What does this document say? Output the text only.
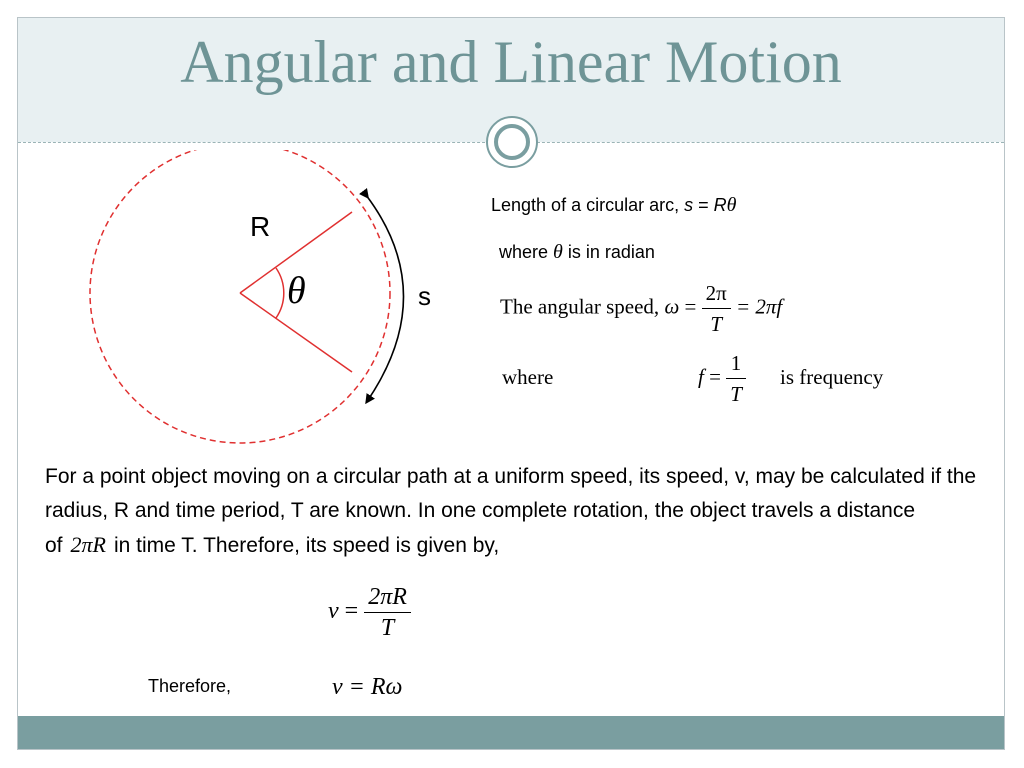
Angular and Linear Motion
R
θ	s
Length of a circular arc, s = Rθ
where θ is in radian
The angular speed, $\omega = \frac{2\pi}{T} = 2\pi f$
where	$f = \frac{1}{T}$ is frequency
For a point object moving on a circular path at a uniform speed, its speed, v, may be calculated if the radius, R and time period, T are known. In one complete rotation, the object travels a distance of 2πR in time T. Therefore, its speed is given by,
$v = \frac{2\pi R}{T}$
Therefore,	v = Rω
